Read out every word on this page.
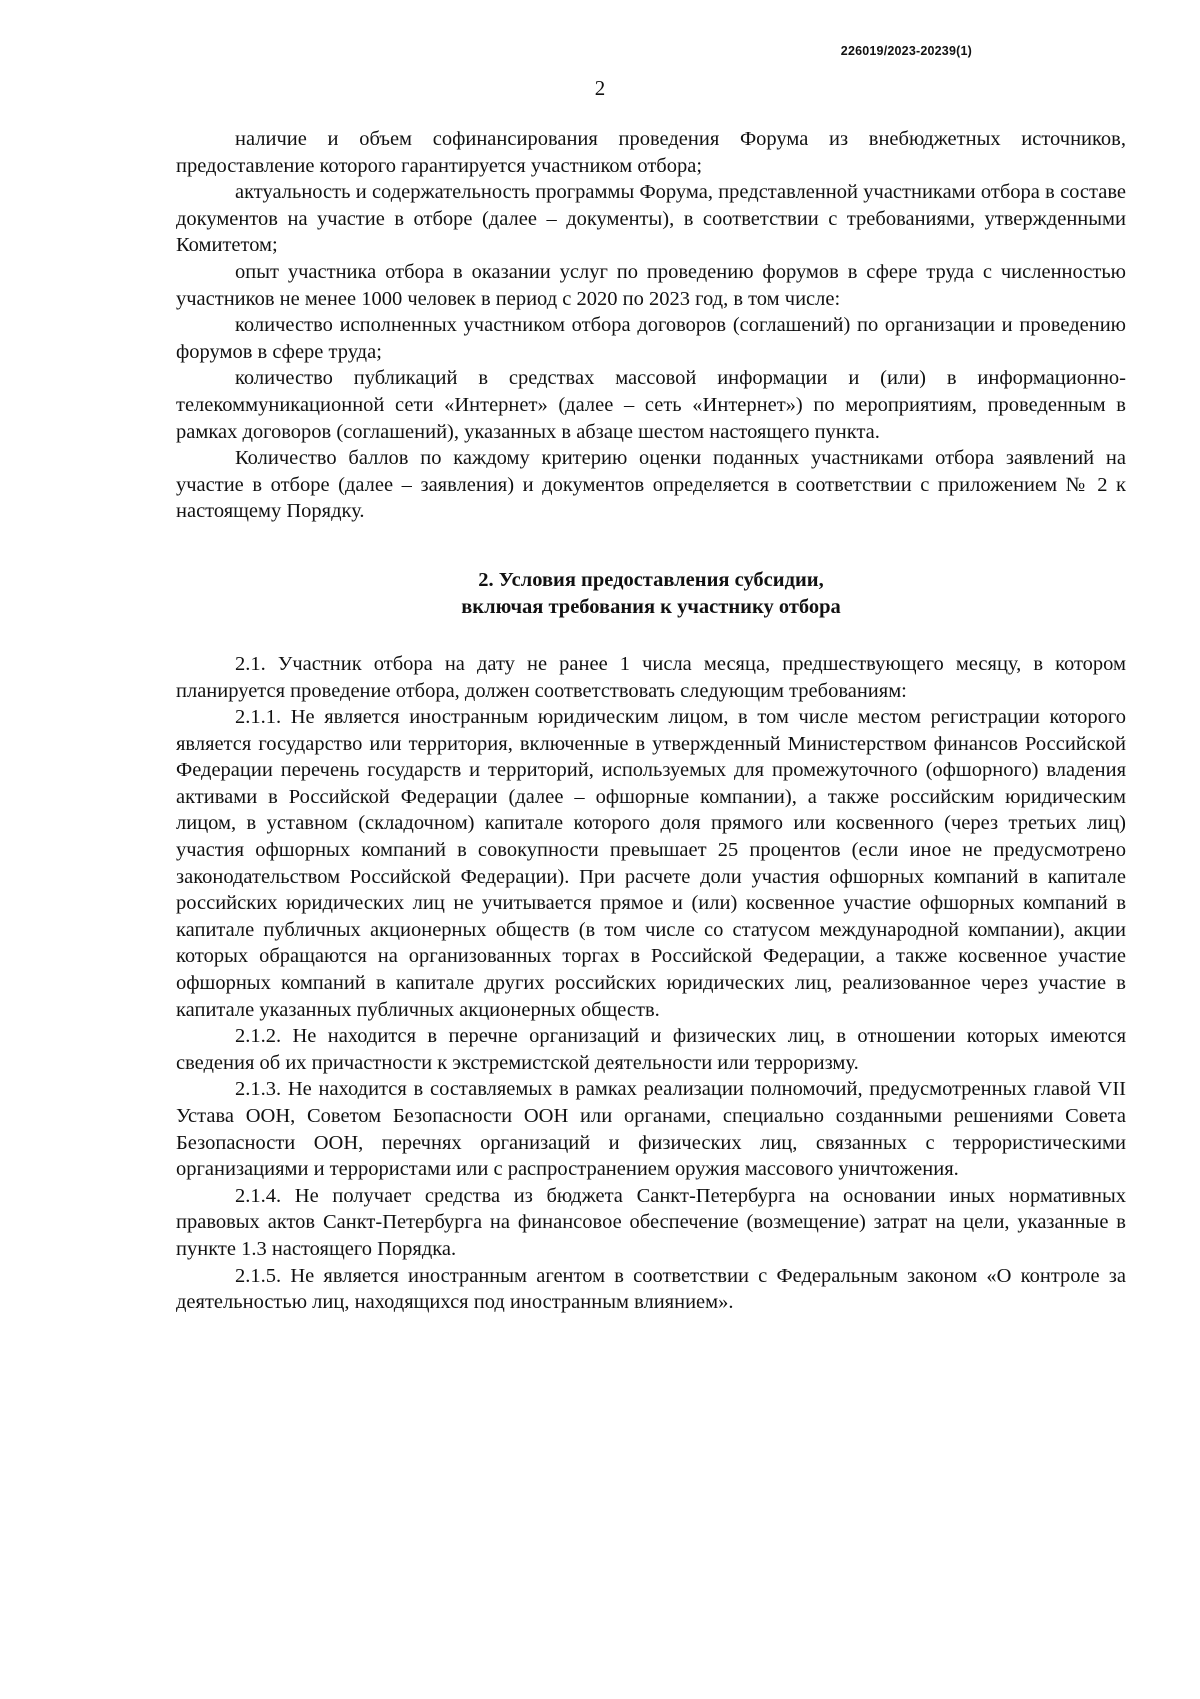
226019/2023-20239(1)
2

наличие и объем софинансирования проведения Форума из внебюджетных источников, предоставление которого гарантируется участником отбора;

актуальность и содержательность программы Форума, представленной участниками отбора в составе документов на участие в отборе (далее – документы), в соответствии с требованиями, утвержденными Комитетом;

опыт участника отбора в оказании услуг по проведению форумов в сфере труда с численностью участников не менее 1000 человек в период с 2020 по 2023 год, в том числе:

количество исполненных участником отбора договоров (соглашений) по организации и проведению форумов в сфере труда;

количество публикаций в средствах массовой информации и (или) в информационно-телекоммуникационной сети «Интернет» (далее – сеть «Интернет») по мероприятиям, проведенным в рамках договоров (соглашений), указанных в абзаце шестом настоящего пункта.

Количество баллов по каждому критерию оценки поданных участниками отбора заявлений на участие в отборе (далее – заявления) и документов определяется в соответствии с приложением № 2 к настоящему Порядку.

2. Условия предоставления субсидии,
включая требования к участнику отбора

2.1. Участник отбора на дату не ранее 1 числа месяца, предшествующего месяцу, в котором планируется проведение отбора, должен соответствовать следующим требованиям:

2.1.1. Не является иностранным юридическим лицом, в том числе местом регистрации которого является государство или территория, включенные в утвержденный Министерством финансов Российской Федерации перечень государств и территорий, используемых для промежуточного (офшорного) владения активами в Российской Федерации (далее – офшорные компании), а также российским юридическим лицом, в уставном (складочном) капитале которого доля прямого или косвенного (через третьих лиц) участия офшорных компаний в совокупности превышает 25 процентов (если иное не предусмотрено законодательством Российской Федерации). При расчете доли участия офшорных компаний в капитале российских юридических лиц не учитывается прямое и (или) косвенное участие офшорных компаний в капитале публичных акционерных обществ (в том числе со статусом международной компании), акции которых обращаются на организованных торгах в Российской Федерации, а также косвенное участие офшорных компаний в капитале других российских юридических лиц, реализованное через участие в капитале указанных публичных акционерных обществ.

2.1.2. Не находится в перечне организаций и физических лиц, в отношении которых имеются сведения об их причастности к экстремистской деятельности или терроризму.

2.1.3. Не находится в составляемых в рамках реализации полномочий, предусмотренных главой VII Устава ООН, Советом Безопасности ООН или органами, специально созданными решениями Совета Безопасности ООН, перечнях организаций и физических лиц, связанных с террористическими организациями и террористами или с распространением оружия массового уничтожения.

2.1.4. Не получает средства из бюджета Санкт-Петербурга на основании иных нормативных правовых актов Санкт-Петербурга на финансовое обеспечение (возмещение) затрат на цели, указанные в пункте 1.3 настоящего Порядка.

2.1.5. Не является иностранным агентом в соответствии с Федеральным законом «О контроле за деятельностью лиц, находящихся под иностранным влиянием».
